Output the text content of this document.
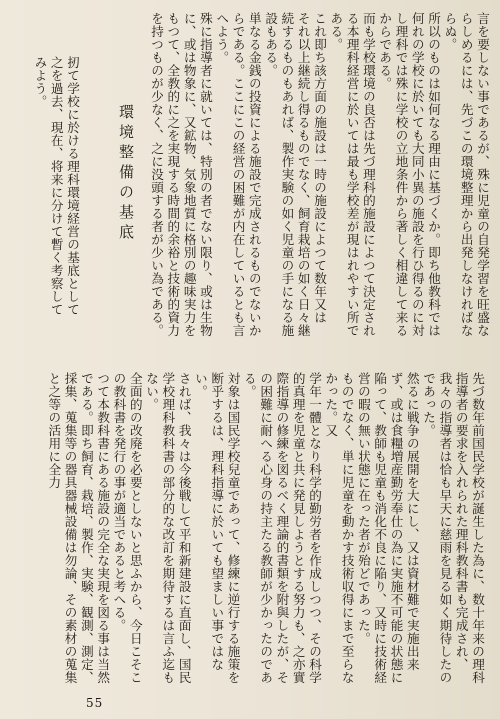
言を要しない事であるが、殊に児童の自発学習を旺盛ならしめるには、先づこの環境整理から出発しなければならぬ。
所以のものは如何なる理由に基づくか。即ち他教科では何れの学校に於いても大同小異の施設を行ひ得るのに対し理科では殊に学校の立地条件から著しく相違して来るからである。
而も学校環境の良否は先づ理科的施設によつて決定される本理科経営に於いては最も学校差が現はれやすい所である。
これ即ち該方面の施設は一時の施設によつて数年又は
それ以上継続し得るものでなく、飼育栽培の如く日々継続するものもあれば、製作実験の如く児童の手になる施設もある。
単なる金銭の投資による施設で完成されるものでないからである。ここにこの経営の困難が内在しているとも言へよう。
殊に指導者に就いては、特別の者でない限り、或は生物に、或は物象に、又鉱物、気象地質に格別の趣味実力をもつて、全教的に之を実現する時間的余裕と技術的資力を持つものが少なく、之に没頭する者が少い為である。
環境整備の基底
扨て学校に於ける理科環境経営の基底として之を過去、現在、将来に分けて暫く考察してみよう。
先づ数年前国民学校が誕生した為に、数十年来の理科指導者の要求を入れられた理科教科書も完成され、我々の指導者は恰も早天に慈雨を見る如く期待したのであった。
然るに戦争の展開を大にし、又は資材難で実施出来ず、或は食糧増産勤労奉仕の為に実施不可能の状態に陥って、教師も児童も消化不良に陥り、又時に技術経営の暇の無い状態に在った者が殆どであった。
ものでなく、単に児童を動かす技術収得にまで至らなかった。又
学年一體となり科学的勤労者を作成しつつ、その科学的真理を児童と共に発見しようとする努力も、之亦實際指導の修練を図るべく理論的書類を附與したが、その困難に耐へる心身の持主たる教師が少かったのである。
対象は国民学校兒童であって、修練に逆行する施策を断乎するは、理科指導に於いても望ましい事ではない。
されば、我々は今後戦して平和新建設に直面し、国民学校理科教科書の部分的な改訂を期待するは言ふ迄もない。
全面的の改廃を必要としないと思ふから、今日こそこの教科書を発行の事が適当であると考へる。
つて本教科書にある施設の完全な実現を図る事は当然である。即ち飼育、栽培、製作、実験、観測、測定、採集、蒐集等の器具器械設備は勿論、その素材の蒐集と之等の活用に全力
55
